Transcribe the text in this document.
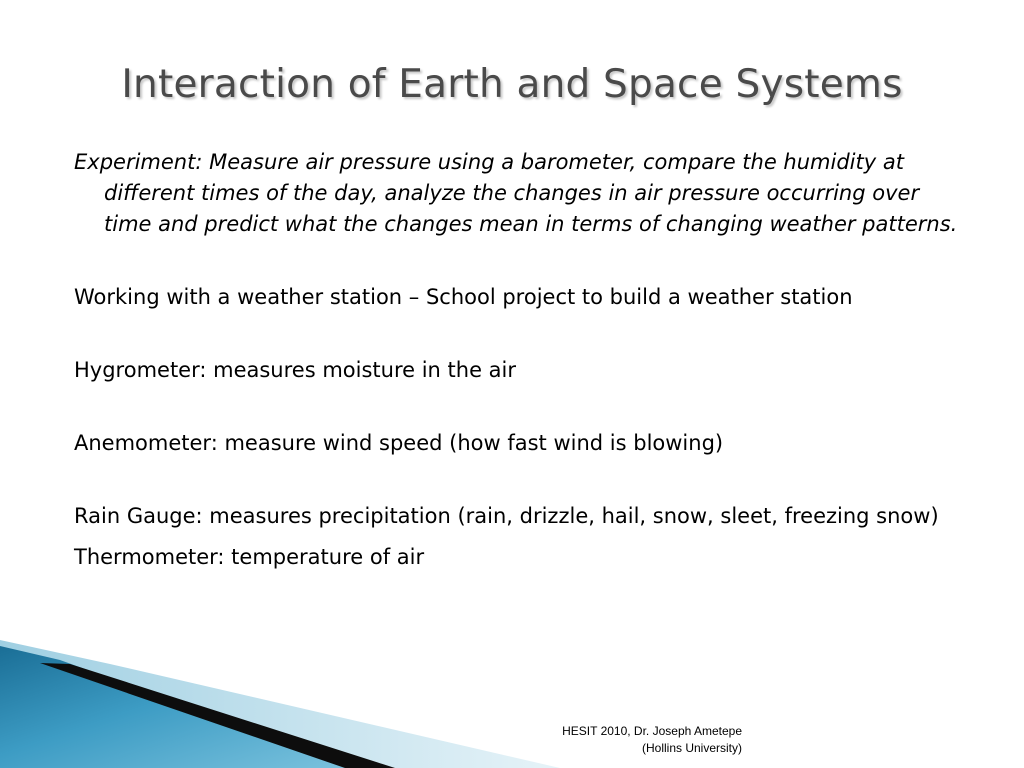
Interaction of Earth and Space Systems

Experiment: Measure air pressure using a barometer, compare the humidity at different times of the day, analyze the changes in air pressure occurring over time and predict what the changes mean in terms of changing weather patterns.

Working with a weather station – School project to build a weather station

Hygrometer: measures moisture in the air

Anemometer: measure wind speed (how fast wind is blowing)

Rain Gauge: measures precipitation (rain, drizzle, hail, snow, sleet, freezing snow)

Thermometer: temperature of air

HESIT 2010, Dr. Joseph Ametepe
(Hollins University)
